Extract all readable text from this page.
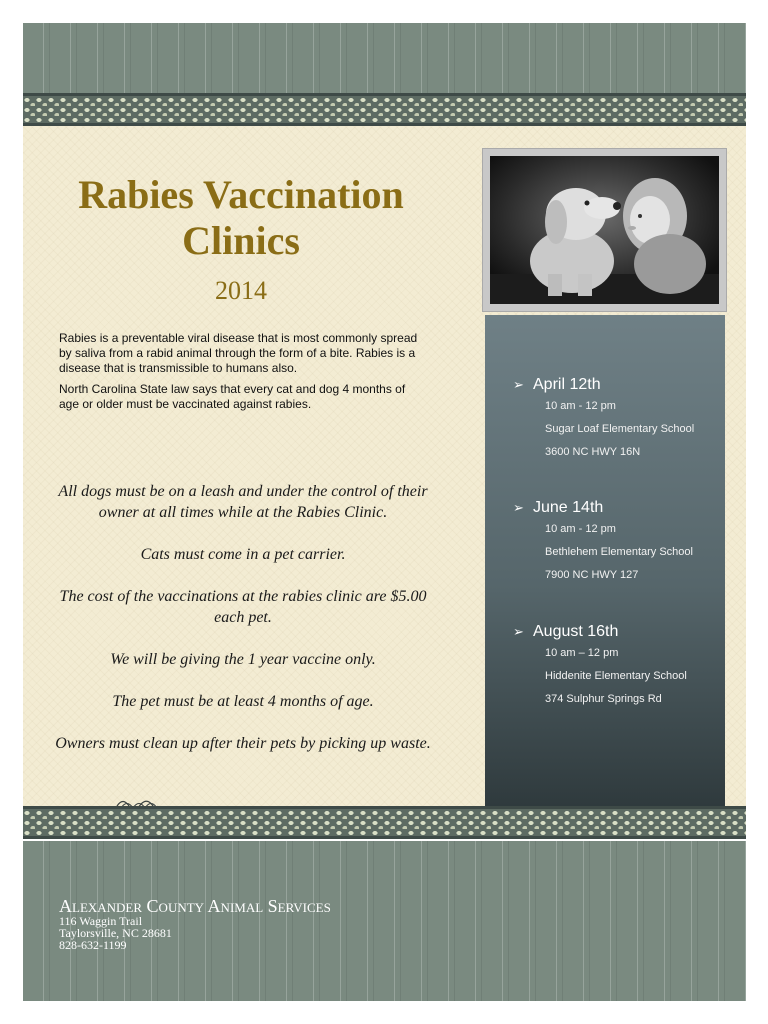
Rabies Vaccination Clinics
2014

Rabies is a preventable viral disease that is most commonly spread by saliva from a rabid animal through the form of a bite. Rabies is a disease that is transmissible to humans also.

North Carolina State law says that every cat and dog 4 months of age or older must be vaccinated against rabies.

All dogs must be on a leash and under the control of their owner at all times while at the Rabies Clinic.

Cats must come in a pet carrier.

The cost of the vaccinations at the rabies clinic are $5.00 each pet.

We will be giving the 1 year vaccine only.

The pet must be at least 4 months of age.

Owners must clean up after their pets by picking up waste.

➢ April 12th
10 am - 12 pm
Sugar Loaf Elementary School
3600 NC HWY 16N
➢ June 14th
10 am - 12 pm
Bethlehem Elementary School
7900 NC HWY 127
➢ August 16th
10 am – 12 pm
Hiddenite Elementary School
374 Sulphur Springs Rd
Alexander County Animal Services
116 Waggin Trail
Taylorsville, NC 28681
828-632-1199
